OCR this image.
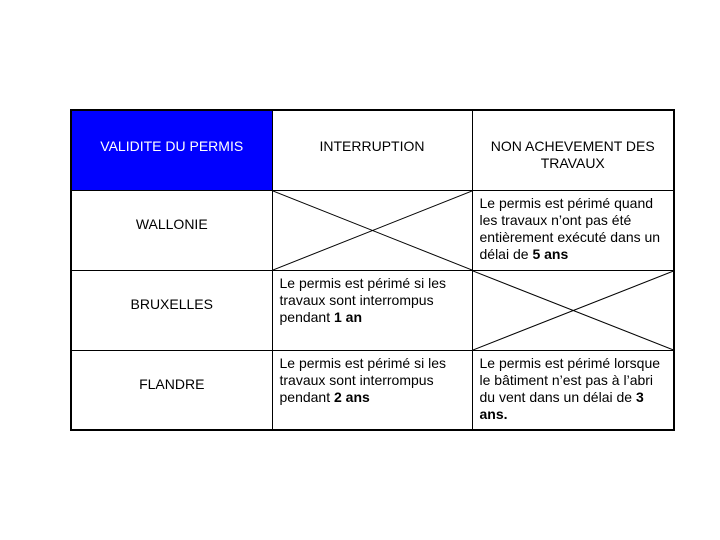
VALIDITE DU PERMIS	INTERRUPTION	NON ACHEVEMENT DES TRAVAUX

WALLONIE		Le permis est périmé quand les travaux n’ont pas été entièrement exécuté dans un délai de 5 ans

BRUXELLES	Le permis est périmé si les travaux sont interrompus pendant 1 an

FLANDRE	Le permis est périmé si les travaux sont interrompus pendant 2 ans	Le permis est périmé lorsque le bâtiment n’est pas à l’abri du vent dans un délai de 3 ans.
